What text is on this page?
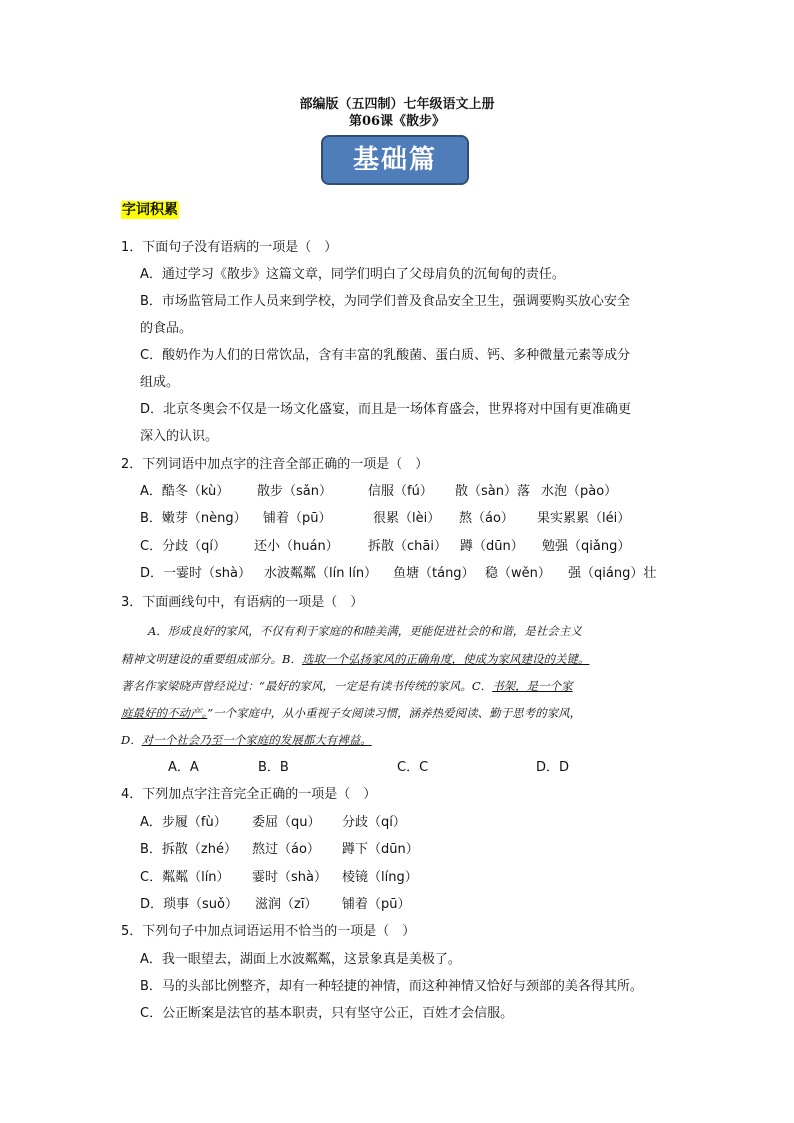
部编版（五四制）七年级语文上册
第06课《散步》
基础篇
字词积累
1．下面句子没有语病的一项是（　）
A．通过学习《散步》这篇文章，同学们明白了父母肩负的沉甸甸的责任。
B．市场监管局工作人员来到学校，为同学们普及食品安全卫生，强调要购买放心安全
的食品。
C．酸奶作为人们的日常饮品，含有丰富的乳酸菌、蛋白质、钙、多种微量元素等成分
组成。
D．北京冬奥会不仅是一场文化盛宴，而且是一场体育盛会，世界将对中国有更准确更
深入的认识。
2．下列词语中加点字的注音全部正确的一项是（　）
A．酷冬（kù） 散步（sǎn）	信服（fú） 散（sàn）落 水泡（pào）
B．嫩芽（nèng） 铺着（pū）	很累（lèi） 熬（áo） 果实累累（léi）
C．分歧（qí） 还小（huán） 拆散（chāi） 蹲（dūn） 勉强（qiǎng）
D．一霎时（shà） 水波粼粼（lín lín） 鱼塘（táng） 稳（wěn） 强（qiáng）壮
3．下面画线句中，有语病的一项是（　）
A．形成良好的家风，不仅有利于家庭的和睦美满，更能促进社会的和谐，是社会主义
精神文明建设的重要组成部分。B．选取一个弘扬家风的正确角度，使成为家风建设的关键。
著名作家梁晓声曾经说过：“最好的家风，一定是有读书传统的家风。C．书架，是一个家
庭最好的不动产。”一个家庭中，从小重视子女阅读习惯，涵养热爱阅读、勤于思考的家风，
D．对一个社会乃至一个家庭的发展都大有裨益。
A．A	B．B	C．C	D．D
4．下列加点字注音完全正确的一项是（　）
A．步履（fù） 委屈（qu） 分歧（qí）
B．拆散（zhé） 熬过（áo） 蹲下（dūn）
C．粼粼（lín） 霎时（shà） 棱镜（líng）
D．琐事（suǒ） 滋润（zī） 铺着（pū）
5．下列句子中加点词语运用不恰当的一项是（　）
A．我一眼望去，湖面上水波粼粼，这景象真是美极了。
B．马的头部比例整齐，却有一种轻捷的神情，而这种神情又恰好与颈部的美各得其所。
C．公正断案是法官的基本职责，只有坚守公正，百姓才会信服。
